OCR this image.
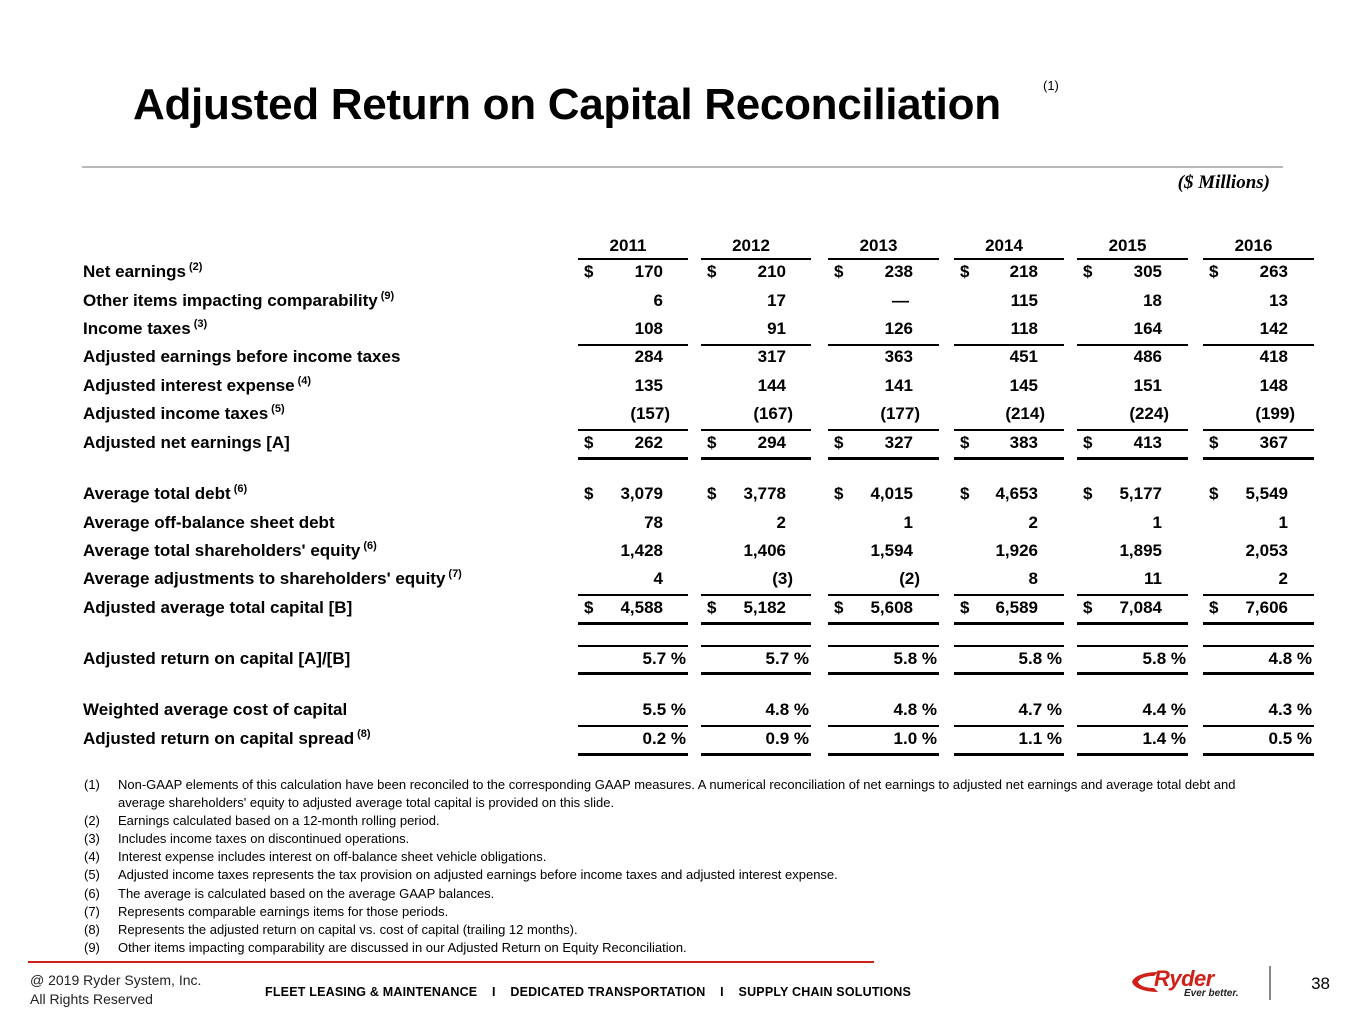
Adjusted Return on Capital Reconciliation	(1)
($ Millions)
2011	2012	2013	2014	2015	2016
Net earnings $^{(2)}$	$ 170	$ 210	$ 238	$ 218	$ 305	$ 263
Other items impacting comparability $^{(9)}$	6	17	—	115	18	13
Income taxes $^{(3)}$	108	91	126	118	164	142
Adjusted earnings before income taxes	284	317	363	451	486	418
Adjusted interest expense $^{(4)}$	135	144	141	145	151	148
Adjusted income taxes $^{(5)}$	(157)	(167)	(177)	(214)	(224)	(199)
Adjusted net earnings [A]	$ 262	$ 294	$ 327	$ 383	$ 413	$ 367
Average total debt $^{(6)}$	$ 3,079	$ 3,778	$ 4,015	$ 4,653	$ 5,177	$ 5,549
Average off-balance sheet debt	78	2	1	2	1	1
Average total shareholders' equity $^{(6)}$	1,428	1,406	1,594	1,926	1,895	2,053
Average adjustments to shareholders' equity $^{(7)}$	4	(3)	(2)	8	11	2
Adjusted average total capital [B]	$ 4,588	$ 5,182	$ 5,608	$ 6,589	$ 7,084	$ 7,606
Adjusted return on capital [A]/[B]	5.7 %	5.7 %	5.8 %	5.8 %	5.8 %	4.8 %
Weighted average cost of capital	5.5 %	4.8 %	4.8 %	4.7 %	4.4 %	4.3 %
Adjusted return on capital spread $^{(8)}$	0.2 %	0.9 %	1.0 %	1.1 %	1.4 %	0.5 %
(1)	Non-GAAP elements of this calculation have been reconciled to the corresponding GAAP measures. A numerical reconciliation of net earnings to adjusted net earnings and average total debt and average shareholders' equity to adjusted average total capital is provided on this slide.
(2)	Earnings calculated based on a 12-month rolling period.
(3)	Includes income taxes on discontinued operations.
(4)	Interest expense includes interest on off-balance sheet vehicle obligations.
(5)	Adjusted income taxes represents the tax provision on adjusted earnings before income taxes and adjusted interest expense.
(6)	The average is calculated based on the average GAAP balances.
(7)	Represents comparable earnings items for those periods.
(8)	Represents the adjusted return on capital vs. cost of capital (trailing 12 months).
(9)	Other items impacting comparability are discussed in our Adjusted Return on Equity Reconciliation.
@ 2019 Ryder System, Inc.
All Rights Reserved	FLEET LEASING & MAINTENANCE    I    DEDICATED TRANSPORTATION    I    SUPPLY CHAIN SOLUTIONS
Ryder
Ever better.
38
